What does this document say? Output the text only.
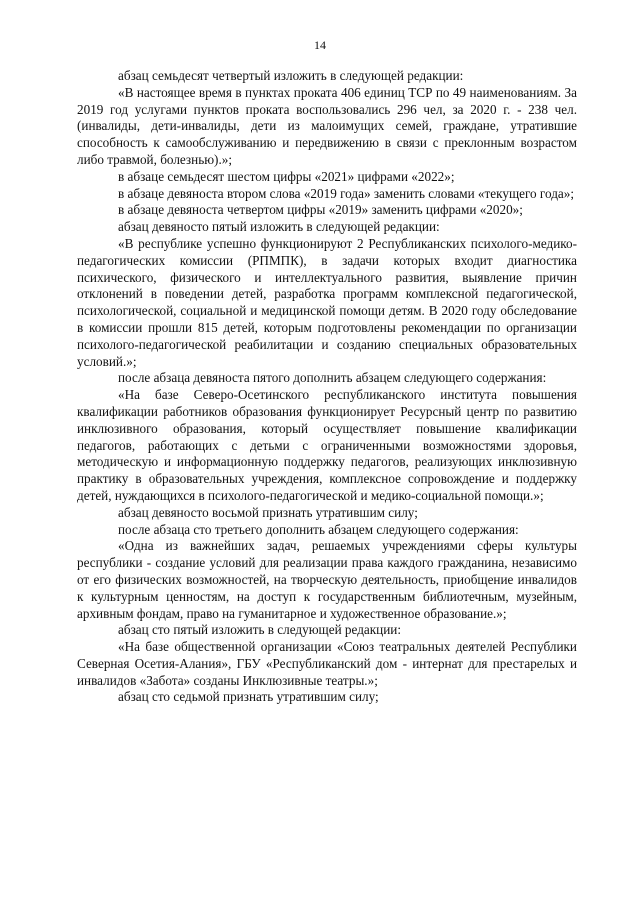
14

абзац семьдесят четвертый изложить в следующей редакции:

«В настоящее время в пунктах проката 406 единиц ТСР по 49 наименованиям. За 2019 год услугами пунктов проката воспользовались 296 чел, за 2020 г. - 238 чел. (инвалиды, дети-инвалиды, дети из малоимущих семей, граждане, утратившие способность к самообслуживанию и передвижению в связи с преклонным возрастом либо травмой, болезнью).»;

в абзаце семьдесят шестом цифры «2021» цифрами «2022»;

в абзаце девяноста втором слова «2019 года» заменить словами «текущего года»;

в абзаце девяноста четвертом цифры «2019» заменить цифрами «2020»;

абзац девяносто пятый изложить в следующей редакции:

«В республике успешно функционируют 2 Республиканских психолого-медико-педагогических комиссии (РПМПК), в задачи которых входит диагностика психического, физического и интеллектуального развития, выявление причин отклонений в поведении детей, разработка программ комплексной педагогической, психологической, социальной и медицинской помощи детям. В 2020 году обследование в комиссии прошли 815 детей, которым подготовлены рекомендации по организации психолого-педагогической реабилитации и созданию специальных образовательных условий.»;

после абзаца девяноста пятого дополнить абзацем следующего содержания:

«На базе Северо-Осетинского республиканского института повышения квалификации работников образования функционирует Ресурсный центр по развитию инклюзивного образования, который осуществляет повышение квалификации педагогов, работающих с детьми с ограниченными возможностями здоровья, методическую и информационную поддержку педагогов, реализующих инклюзивную практику в образовательных учреждения, комплексное сопровождение и поддержку детей, нуждающихся в психолого-педагогической и медико-социальной помощи.»;

абзац девяносто восьмой признать утратившим силу;

после абзаца сто третьего дополнить абзацем следующего содержания:

«Одна из важнейших задач, решаемых учреждениями сферы культуры республики - создание условий для реализации права каждого гражданина, независимо от его физических возможностей, на творческую деятельность, приобщение инвалидов к культурным ценностям, на доступ к государственным библиотечным, музейным, архивным фондам, право на гуманитарное и художественное образование.»;

абзац сто пятый изложить в следующей редакции:

«На базе общественной организации «Союз театральных деятелей Республики Северная Осетия-Алания», ГБУ «Республиканский дом - интернат для престарелых и инвалидов «Забота» созданы Инклюзивные театры.»;

абзац сто седьмой признать утратившим силу;
